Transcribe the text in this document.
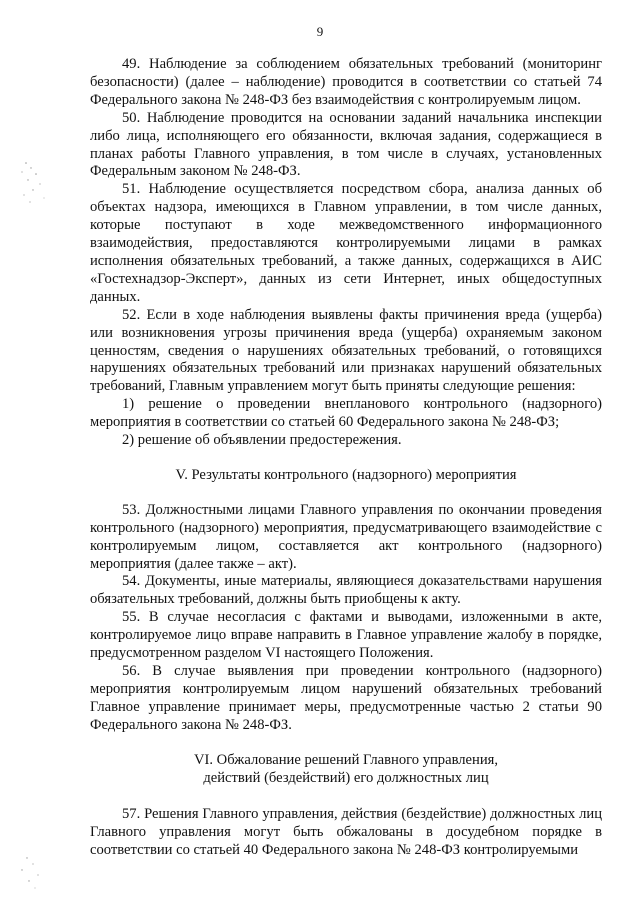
9

49. Наблюдение за соблюдением обязательных требований (мониторинг безопасности) (далее – наблюдение) проводится в соответствии со статьей 74 Федерального закона № 248-ФЗ без взаимодействия с контролируемым лицом.

50. Наблюдение проводится на основании заданий начальника инспекции либо лица, исполняющего его обязанности, включая задания, содержащиеся в планах работы Главного управления, в том числе в случаях, установленных Федеральным законом № 248-ФЗ.

51. Наблюдение осуществляется посредством сбора, анализа данных об объектах надзора, имеющихся в Главном управлении, в том числе данных, которые поступают в ходе межведомственного информационного взаимодействия, предоставляются контролируемыми лицами в рамках исполнения обязательных требований, а также данных, содержащихся в АИС «Гостехнадзор-Эксперт», данных из сети Интернет, иных общедоступных данных.

52. Если в ходе наблюдения выявлены факты причинения вреда (ущерба) или возникновения угрозы причинения вреда (ущерба) охраняемым законом ценностям, сведения о нарушениях обязательных требований, о готовящихся нарушениях обязательных требований или признаках нарушений обязательных требований, Главным управлением могут быть приняты следующие решения:

1) решение о проведении внепланового контрольного (надзорного) мероприятия в соответствии со статьей 60 Федерального закона № 248-ФЗ;

2) решение об объявлении предостережения.

V. Результаты контрольного (надзорного) мероприятия

53. Должностными лицами Главного управления по окончании проведения контрольного (надзорного) мероприятия, предусматривающего взаимодействие с контролируемым лицом, составляется акт контрольного (надзорного) мероприятия (далее также – акт).

54. Документы, иные материалы, являющиеся доказательствами нарушения обязательных требований, должны быть приобщены к акту.

55. В случае несогласия с фактами и выводами, изложенными в акте, контролируемое лицо вправе направить в Главное управление жалобу в порядке, предусмотренном разделом VI настоящего Положения.

56. В случае выявления при проведении контрольного (надзорного) мероприятия контролируемым лицом нарушений обязательных требований Главное управление принимает меры, предусмотренные частью 2 статьи 90 Федерального закона № 248-ФЗ.

VI. Обжалование решений Главного управления,
действий (бездействий) его должностных лиц

57. Решения Главного управления, действия (бездействие) должностных лиц Главного управления могут быть обжалованы в досудебном порядке в соответствии со статьей 40 Федерального закона № 248-ФЗ контролируемыми
